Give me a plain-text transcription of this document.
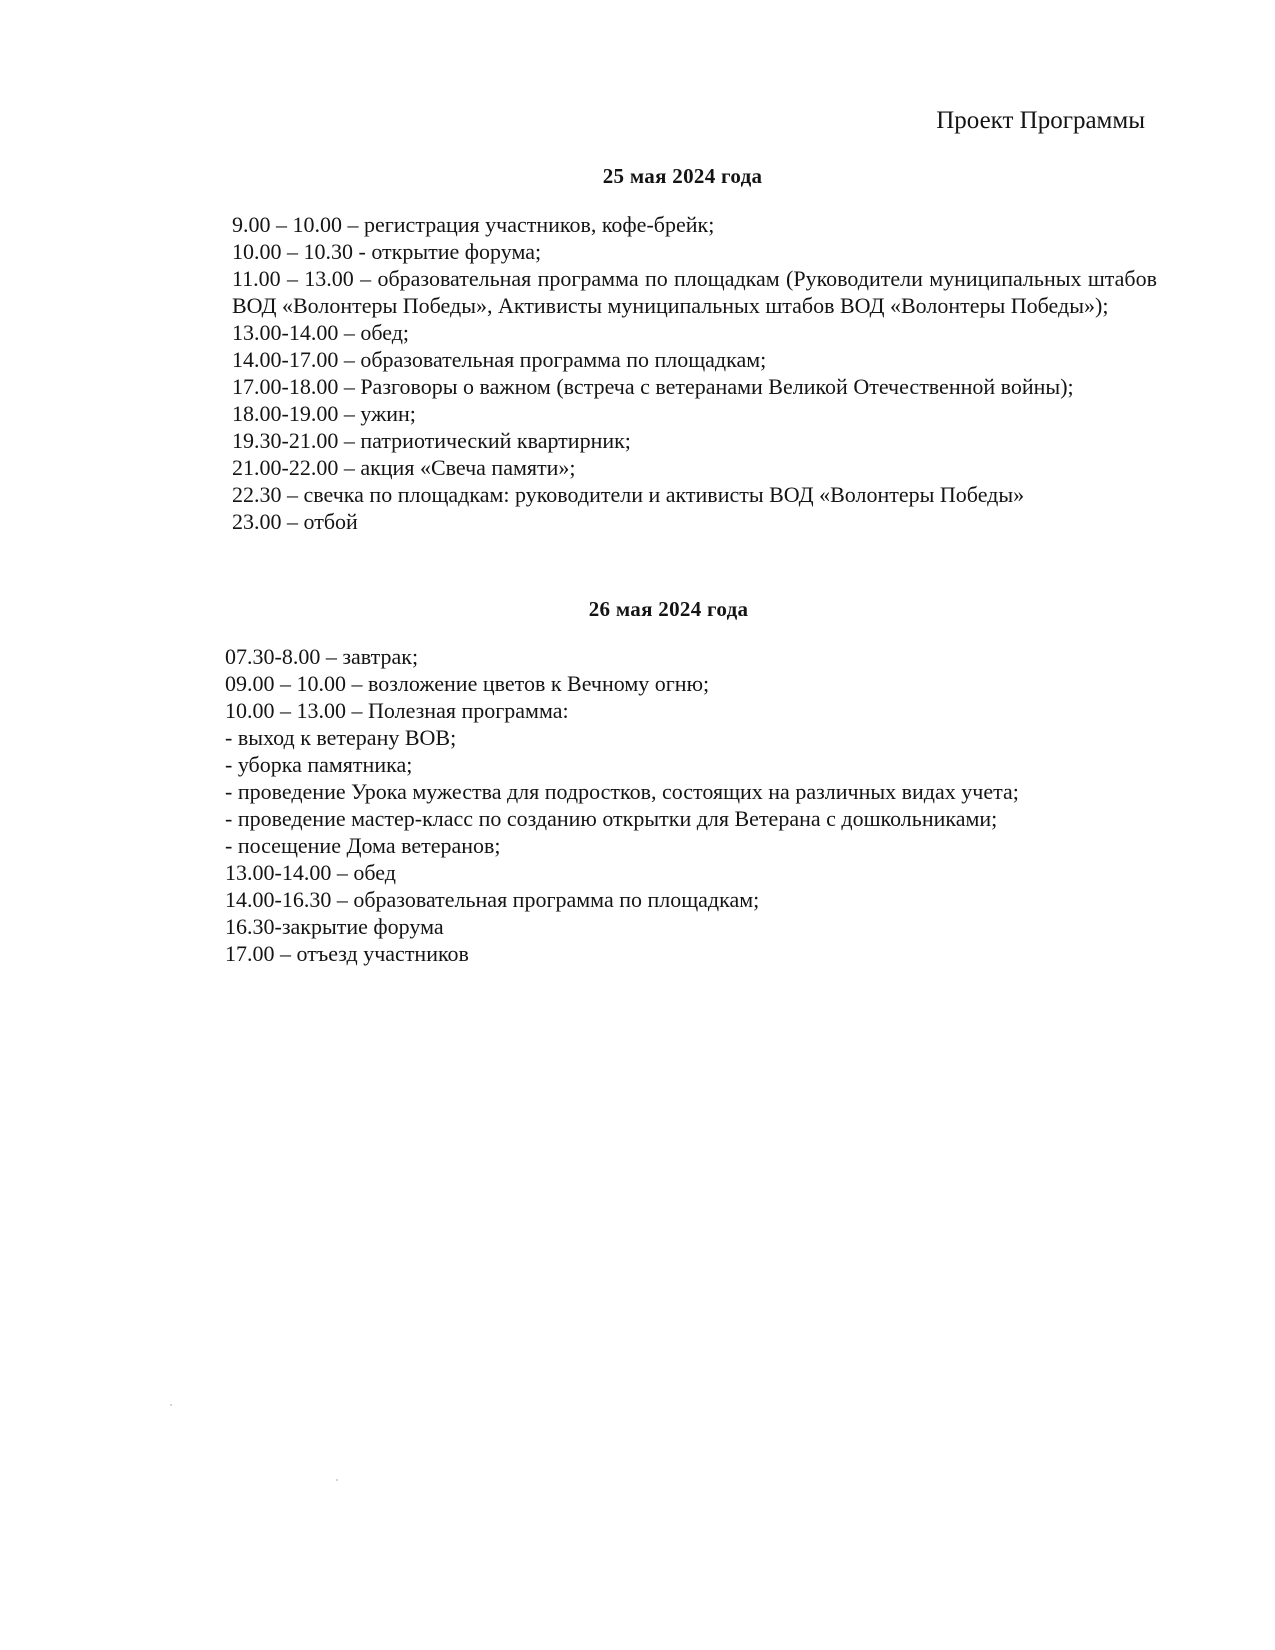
Проект Программы
25 мая 2024 года
9.00 – 10.00 – регистрация участников, кофе-брейк;
10.00 – 10.30 - открытие форума;
11.00 – 13.00 – образовательная программа по площадкам (Руководители муниципальных штабов ВОД «Волонтеры Победы», Активисты муниципальных штабов ВОД «Волонтеры Победы»);
13.00-14.00 – обед;
14.00-17.00 – образовательная программа по площадкам;
17.00-18.00 – Разговоры о важном (встреча с ветеранами Великой Отечественной войны);
18.00-19.00 – ужин;
19.30-21.00 – патриотический квартирник;
21.00-22.00 – акция «Свеча памяти»;
22.30 – свечка по площадкам: руководители и активисты ВОД «Волонтеры Победы»
23.00 – отбой
26 мая 2024 года
07.30-8.00 – завтрак;
09.00 – 10.00 – возложение цветов к Вечному огню;
10.00 – 13.00 – Полезная программа:
- выход к ветерану ВОВ;
- уборка памятника;
- проведение Урока мужества для подростков, состоящих на различных видах учета;
- проведение мастер-класс по созданию открытки для Ветерана с дошкольниками;
- посещение Дома ветеранов;
13.00-14.00 – обед
14.00-16.30 – образовательная программа по площадкам;
16.30-закрытие форума
17.00 – отъезд участников
